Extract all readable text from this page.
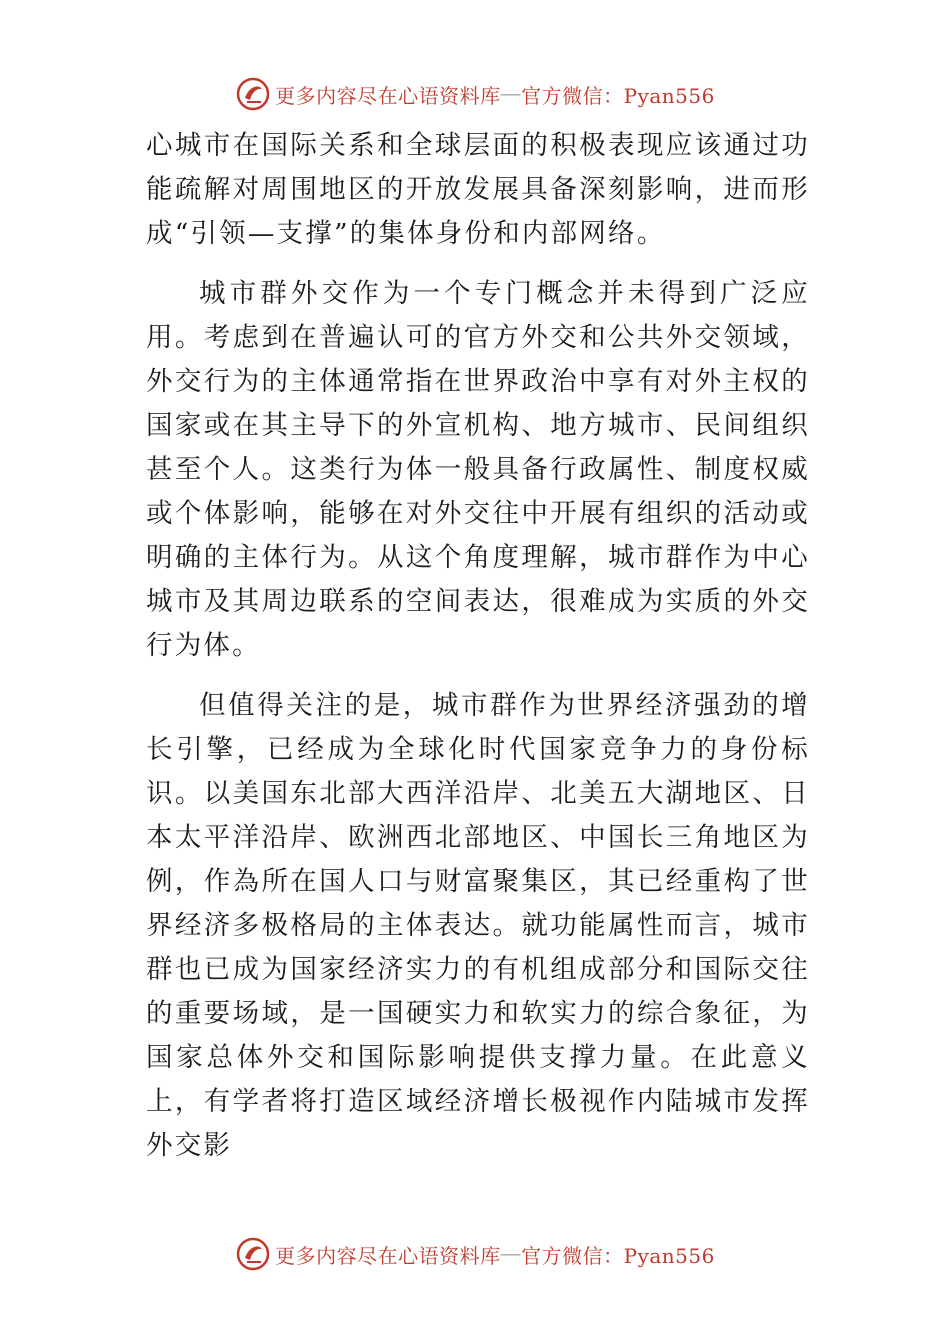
更多内容尽在心语资料库 — 官方微信：Pyan556

心城市在国际关系和全球层面的积极表现应该通过功能疏解对周围地区的开放发展具备深刻影响，进而形成“引领—支撑”的集体身份和内部网络。

城市群外交作为一个专门概念并未得到广泛应用。考虑到在普遍认可的官方外交和公共外交领域，外交行为的主体通常指在世界政治中享有对外主权的国家或在其主导下的外宣机构、地方城市、民间组织甚至个人。这类行为体一般具备行政属性、制度权威或个体影响，能够在对外交往中开展有组织的活动或明确的主体行为。从这个角度理解，城市群作为中心城市及其周边联系的空间表达，很难成为实质的外交行为体。

但值得关注的是，城市群作为世界经济强劲的增长引擎，已经成为全球化时代国家竞争力的身份标识。以美国东北部大西洋沿岸、北美五大湖地区、日本太平洋沿岸、欧洲西北部地区、中国长三角地区为例，作為所在国人口与财富聚集区，其已经重构了世界经济多极格局的主体表达。就功能属性而言，城市群也已成为国家经济实力的有机组成部分和国际交往的重要场域，是一国硬实力和软实力的综合象征，为国家总体外交和国际影响提供支撑力量。在此意义上，有学者将打造区域经济增长极视作内陆城市发挥外交影

更多内容尽在心语资料库 — 官方微信：Pyan556
